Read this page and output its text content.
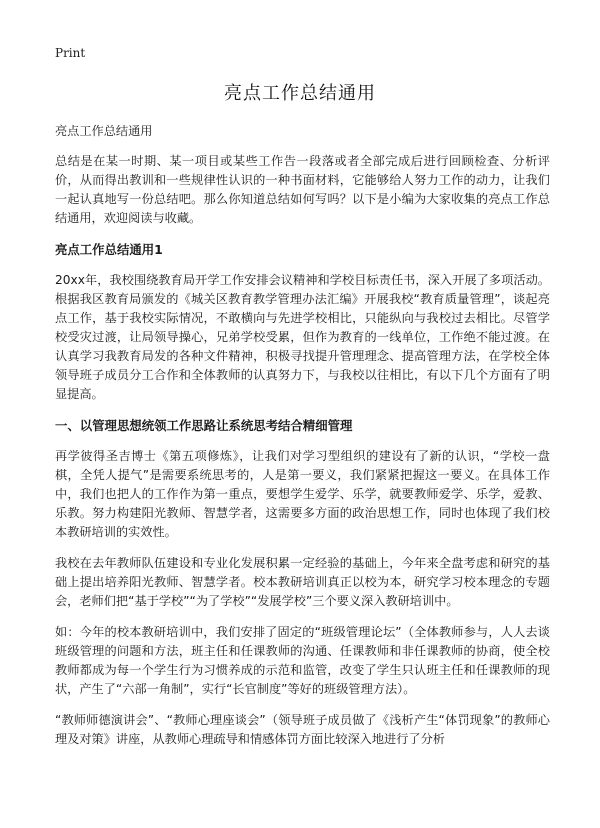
Print
亮点工作总结通用

亮点工作总结通用

总结是在某一时期、某一项目或某些工作告一段落或者全部完成后进行回顾检查、分析评价，从而得出教训和一些规律性认识的一种书面材料，它能够给人努力工作的动力，让我们一起认真地写一份总结吧。那么你知道总结如何写吗？以下是小编为大家收集的亮点工作总结通用，欢迎阅读与收藏。

亮点工作总结通用1

20xx年，我校围绕教育局开学工作安排会议精神和学校目标责任书，深入开展了多项活动。根据我区教育局颁发的《城关区教育教学管理办法汇编》开展我校“教育质量管理”，谈起亮点工作，基于我校实际情况，不敢横向与先进学校相比，只能纵向与我校过去相比。尽管学校受灾过渡，让局领导操心，兄弟学校受累，但作为教育的一线单位，工作绝不能过渡。在认真学习我教育局发的各种文件精神，积极寻找提升管理理念、提高管理方法，在学校全体领导班子成员分工合作和全体教师的认真努力下，与我校以往相比，有以下几个方面有了明显提高。

一、以管理思想统领工作思路让系统思考结合精细管理

再学彼得圣吉博士《第五项修炼》，让我们对学习型组织的建设有了新的认识，“学校一盘棋，全凭人提气”是需要系统思考的，人是第一要义，我们紧紧把握这一要义。在具体工作中，我们也把人的工作作为第一重点，要想学生爱学、乐学，就要教师爱学、乐学，爱教、乐教。努力构建阳光教师、智慧学者，这需要多方面的政治思想工作，同时也体现了我们校本教研培训的实效性。

我校在去年教师队伍建设和专业化发展积累一定经验的基础上，今年来全盘考虑和研究的基础上提出培养阳光教师、智慧学者。校本教研培训真正以校为本，研究学习校本理念的专题会，老师们把“基于学校”“为了学校”“发展学校”三个要义深入教研培训中。

如：今年的校本教研培训中，我们安排了固定的“班级管理论坛”（全体教师参与，人人去谈班级管理的问题和方法，班主任和任课教师的沟通、任课教师和非任课教师的协商，使全校教师都成为每一个学生行为习惯养成的示范和监管，改变了学生只认班主任和任课教师的现状，产生了“六部一角制”，实行“长官制度”等好的班级管理方法）。

“教师师德演讲会”、“教师心理座谈会”（领导班子成员做了《浅析产生“体罚现象”的教师心理及对策》讲座，从教师心理疏导和情感体罚方面比较深入地进行了分析
